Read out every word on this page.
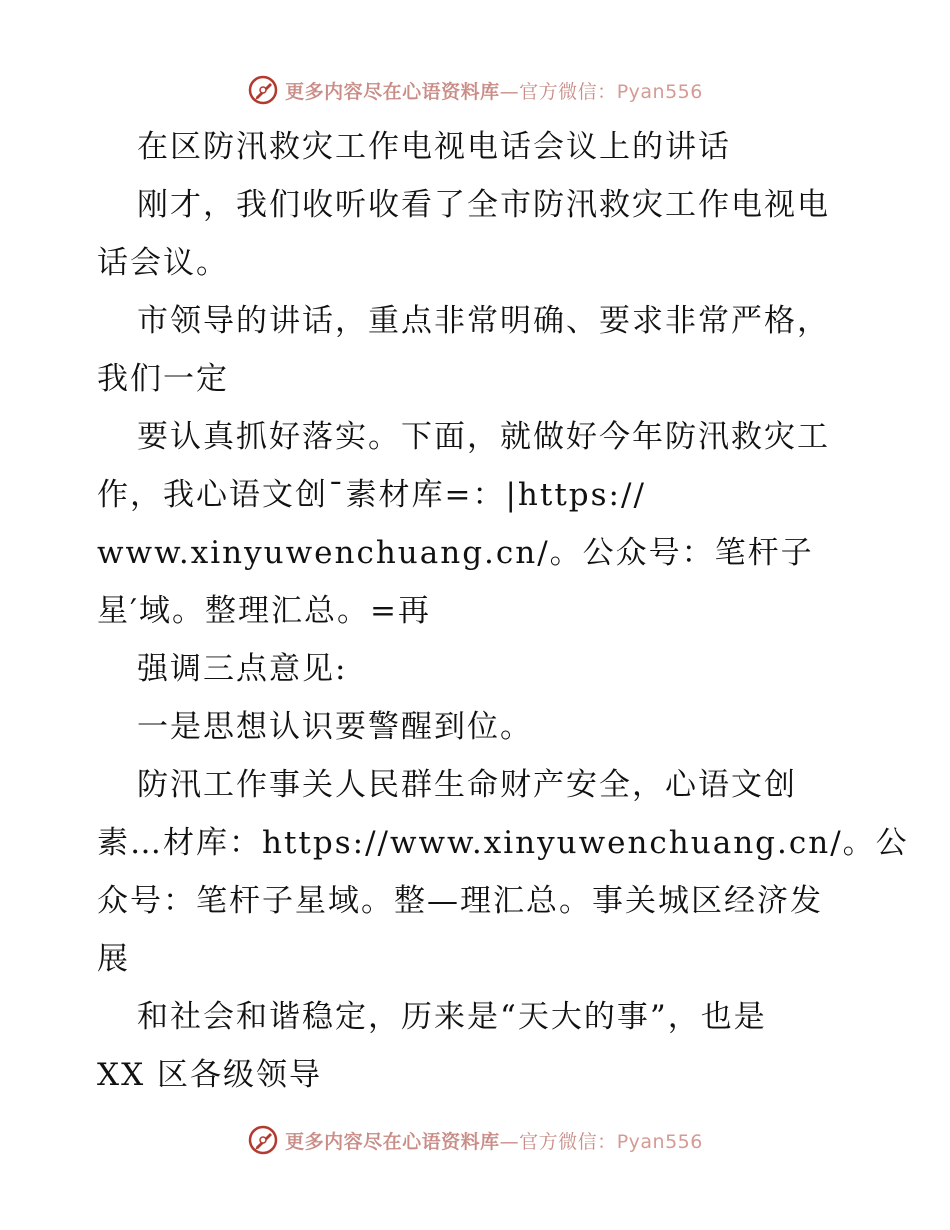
更多内容尽在心语资料库—官方微信：Pyan556
在区防汛救灾工作电视电话会议上的讲话
刚才，我们收听收看了全市防汛救灾工作电视电
话会议。
市领导的讲话，重点非常明确、要求非常严格，
我们一定
要认真抓好落实。下面，就做好今年防汛救灾工
作，我心语文创¯素材库=：|https://
www.xinyuwenchuang.cn/。公众号：笔杆子
星′域。整理汇总。=再
强调三点意见:
一是思想认识要警醒到位。
防汛工作事关人民群生命财产安全，心语文创
素…材库：https://www.xinyuwenchuang.cn/。公
众号：笔杆子星域。整—理汇总。事关城区经济发
展
和社会和谐稳定，历来是“天大的事”，也是
XX 区各级领导
更多内容尽在心语资料库—官方微信：Pyan556
